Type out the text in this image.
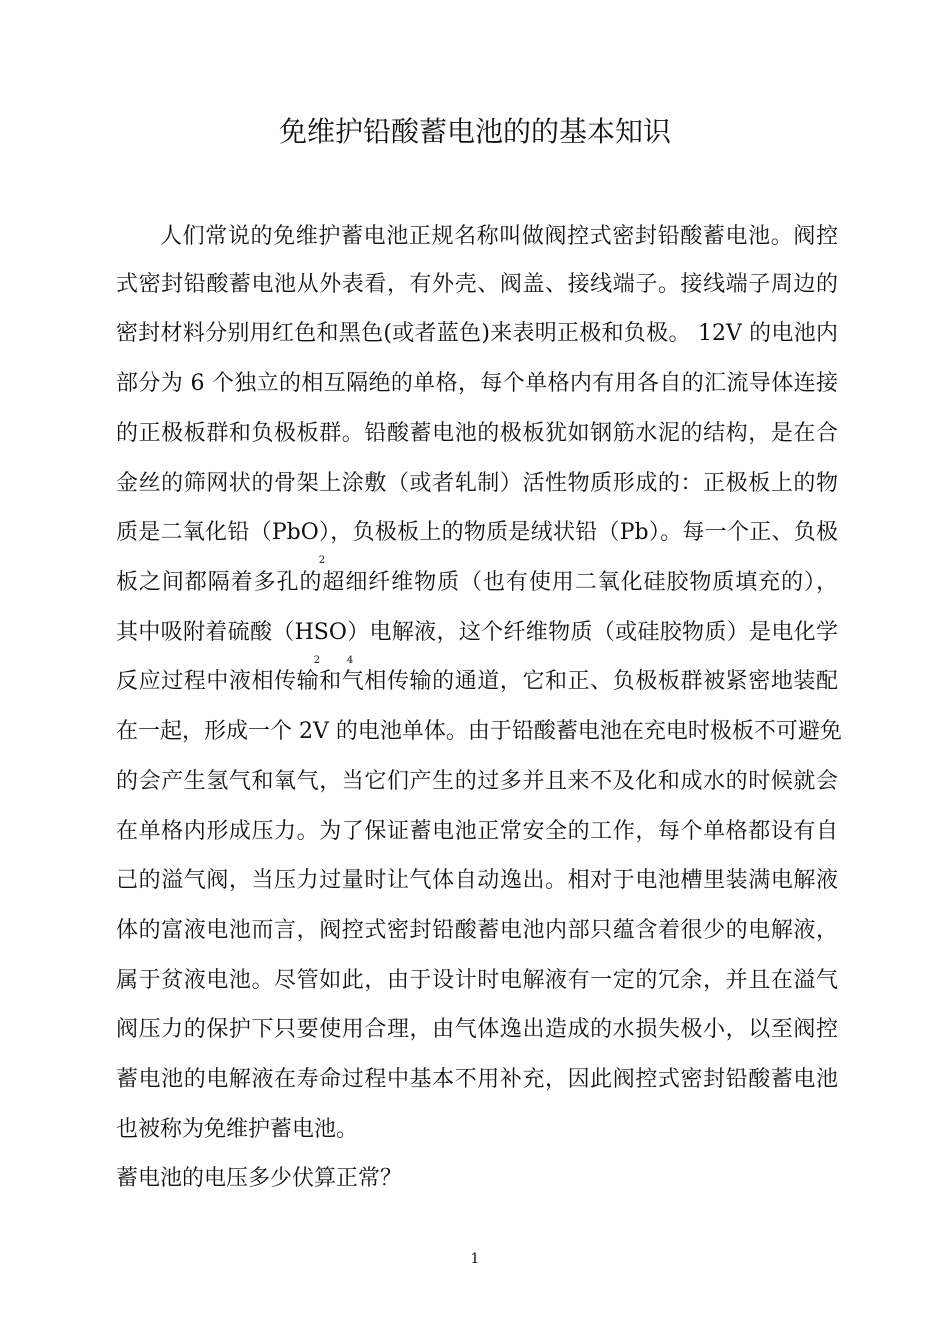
免维护铅酸蓄电池的的基本知识
人们常说的免维护蓄电池正规名称叫做阀控式密封铅酸蓄电池。阀控
式密封铅酸蓄电池从外表看，有外壳、阀盖、接线端子。接线端子周边的
密封材料分别用红色和黑色(或者蓝色)来表明正极和负极。 12V 的电池内
部分为 6 个独立的相互隔绝的单格，每个单格内有用各自的汇流导体连接
的正极板群和负极板群。铅酸蓄电池的极板犹如钢筋水泥的结构，是在合
金丝的筛网状的骨架上涂敷（或者轧制）活性物质形成的：正极板上的物
质是二氧化铅（PbO2），负极板上的物质是绒状铅（Pb）。每一个正、负极
板之间都隔着多孔的超细纤维物质（也有使用二氧化硅胶物质填充的），
其中吸附着硫酸（H2SO4）电解液，这个纤维物质（或硅胶物质）是电化学
反应过程中液相传输和气相传输的通道，它和正、负极板群被紧密地装配
在一起，形成一个 2V 的电池单体。由于铅酸蓄电池在充电时极板不可避免
的会产生氢气和氧气，当它们产生的过多并且来不及化和成水的时候就会
在单格内形成压力。为了保证蓄电池正常安全的工作，每个单格都设有自
己的溢气阀，当压力过量时让气体自动逸出。相对于电池槽里装满电解液
体的富液电池而言，阀控式密封铅酸蓄电池内部只蕴含着很少的电解液，
属于贫液电池。尽管如此，由于设计时电解液有一定的冗余，并且在溢气
阀压力的保护下只要使用合理，由气体逸出造成的水损失极小，以至阀控
蓄电池的电解液在寿命过程中基本不用补充，因此阀控式密封铅酸蓄电池
也被称为免维护蓄电池。
蓄电池的电压多少伏算正常？
1
